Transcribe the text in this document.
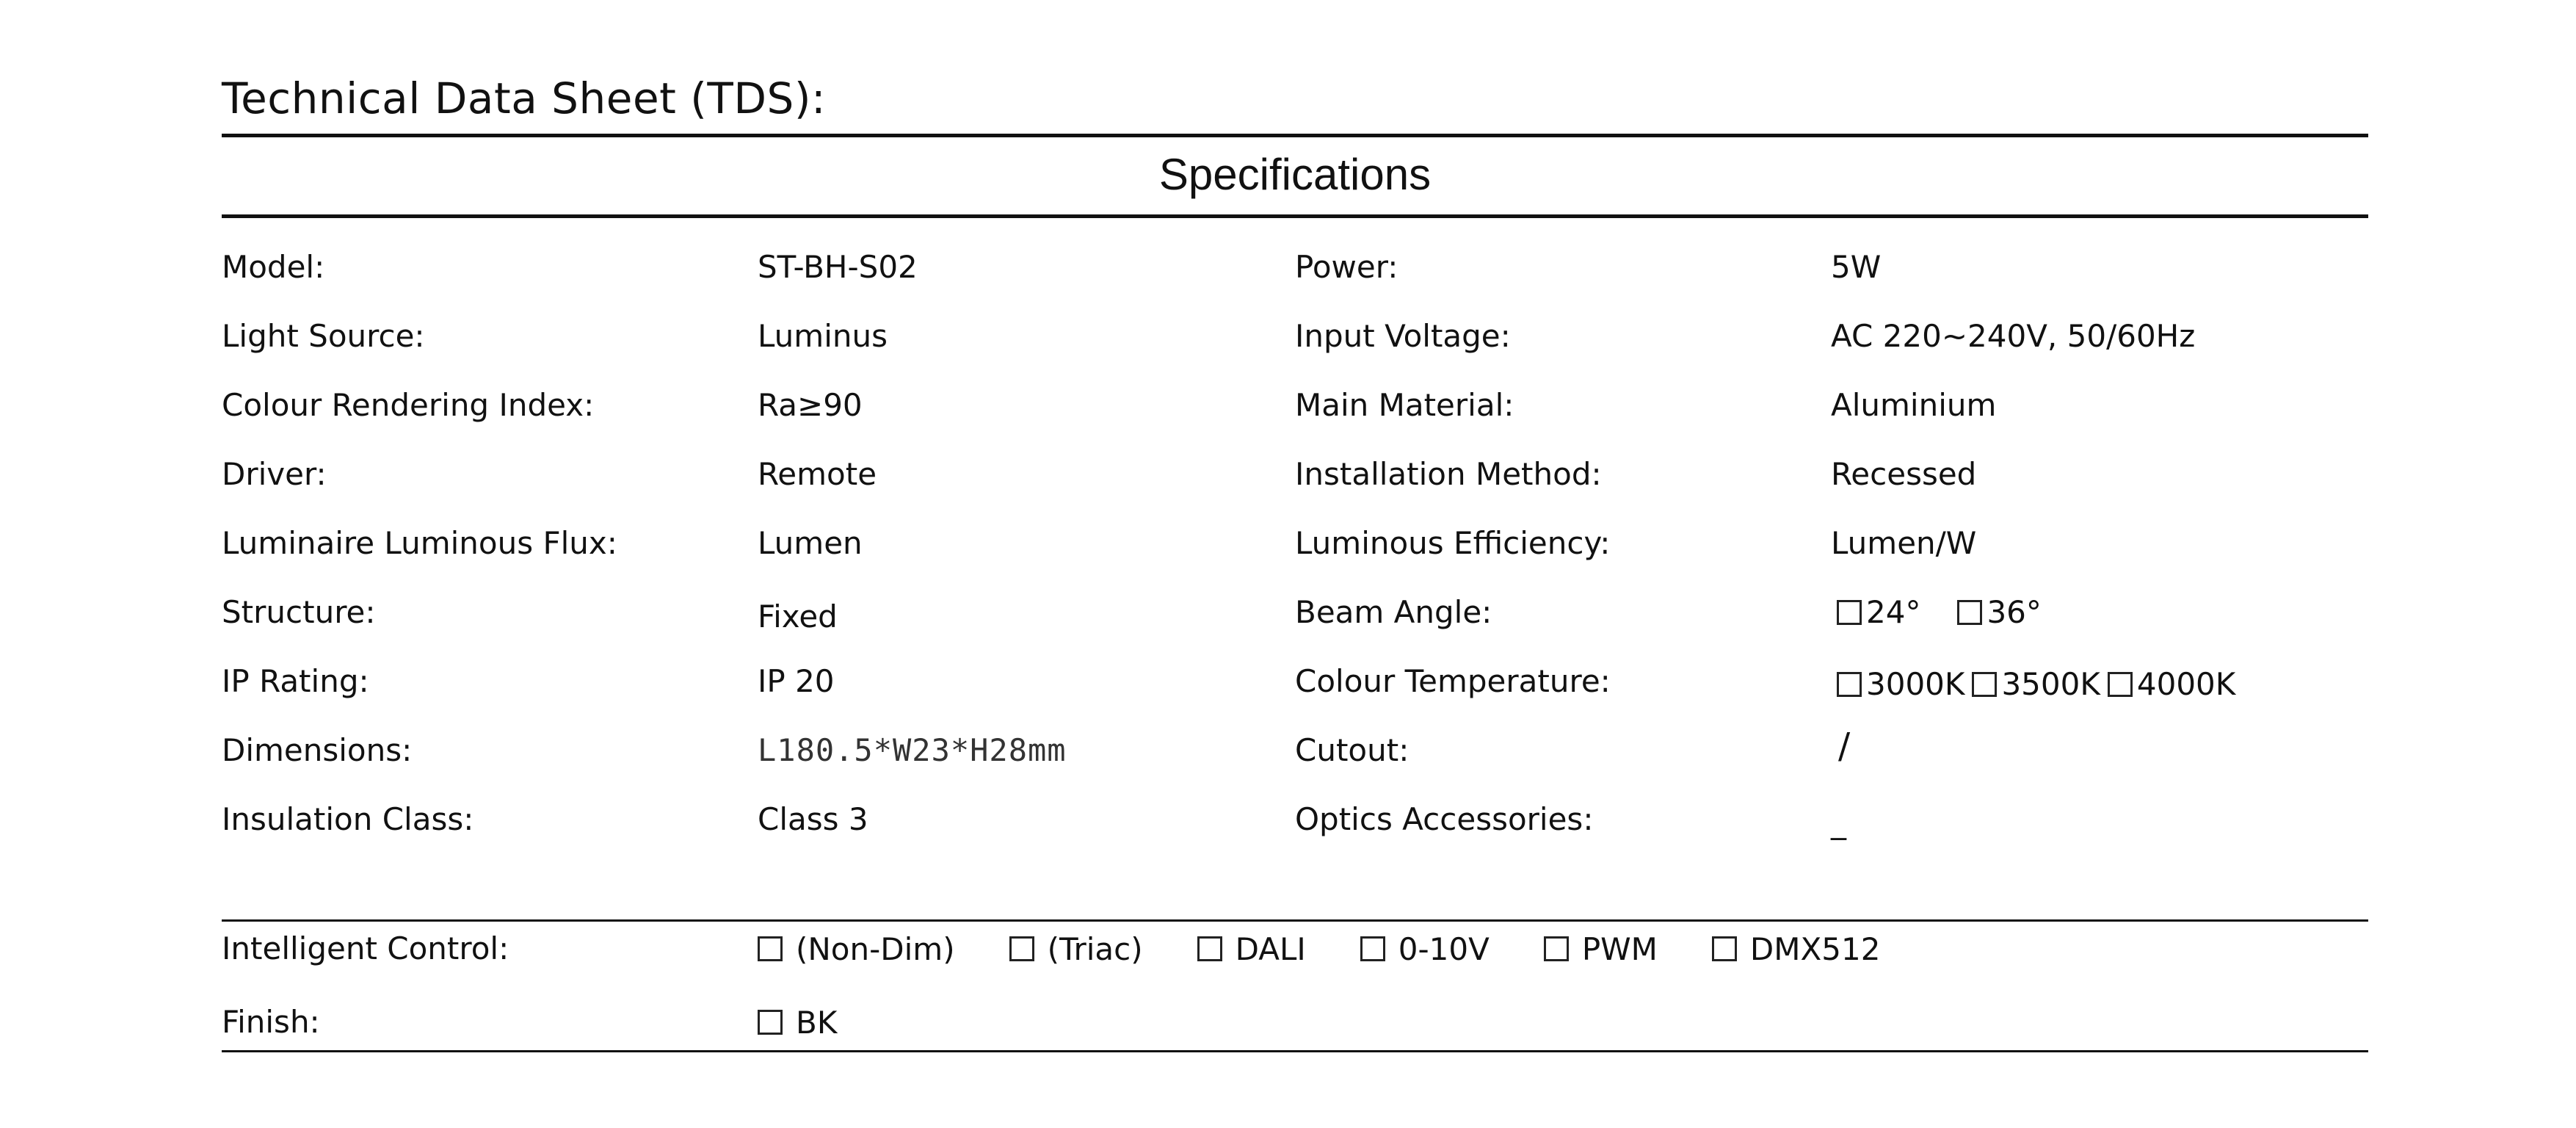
Technical Data Sheet (TDS):
Specifications
Model:	ST-BH-S02	Power:	5W
Light Source:	Luminus	Input Voltage:	AC 220~240V, 50/60Hz
Colour Rendering Index:	Ra≥90	Main Material:	Aluminium
Driver:	Remote	Installation Method:	Recessed
Luminaire Luminous Flux:	Lumen	Luminous Efficiency:	Lumen/W
Structure:	Fixed	Beam Angle:	24° 36°
IP Rating:	IP 20	Colour Temperature:	3000K 3500K 4000K
Dimensions:	L180.5*W23*H28mm	Cutout:	/
Insulation Class:	Class 3	Optics Accessories:	_
Intelligent Control:	(Non-Dim)	(Triac)	DALI	0-10V	PWM	DMX512
Finish:	BK
